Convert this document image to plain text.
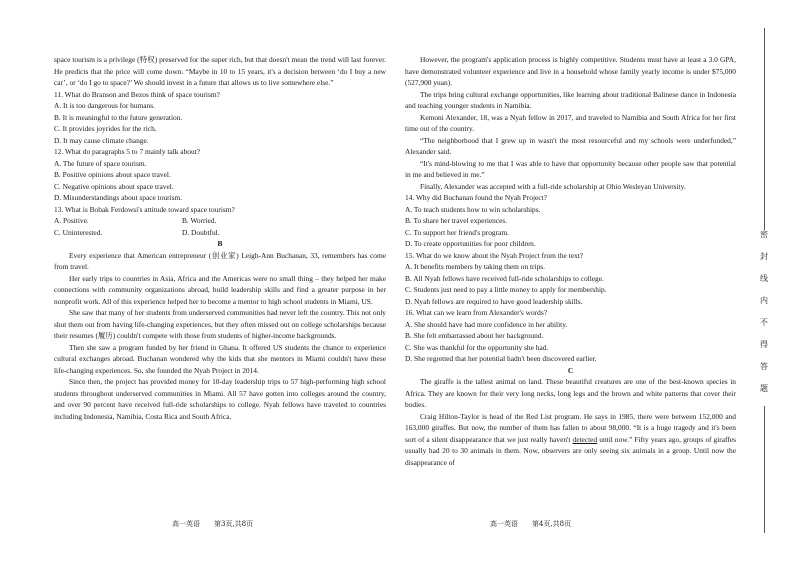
space tourism is a privilege (特权) preserved for the super rich, but that doesn't mean the trend will last forever. He predicts that the price will come down. “Maybe in 10 to 15 years, it's a decision between ‘do I buy a new car’, or ‘do I go to space?’ We should invest in a future that allows us to live somewhere else.”

11. What do Branson and Bezos think of space tourism?

A. It is too dangerous for humans.

B. It is meaningful to the future generation.

C. It provides joyrides for the rich.

D. It may cause climate change.

12. What do paragraphs 5 to 7 mainly talk about?

A. The future of space tourism.

B. Positive opinions about space travel.

C. Negative opinions about space travel.

D. Misunderstandings about space tourism.

13. What is Bobak Ferdowsi's attitude toward space tourism?

A. Positive.	B. Worried.
C. Uninterested.	D. Doubtful.

B

Every experience that American entrepreneur (创业家) Leigh-Ann Buchanan, 33, remembers has come from travel.

Her early trips to countries in Asia, Africa and the Americas were no small thing – they helped her make connections with community organizations abroad, build leadership skills and find a greater purpose in her nonprofit work. All of this experience helped her to become a mentor to high school students in Miami, US.

She saw that many of her students from underserved communities had never left the country. This not only shut them out from having life-changing experiences, but they often missed out on college scholarships because their resumes (履历) couldn't compete with those from students of higher-income backgrounds.

Then she saw a program funded by her friend in Ghana. It offered US students the chance to experience cultural exchanges abroad. Buchanan wondered why the kids that she mentors in Miami couldn't have these life-changing experiences. So, she founded the Nyah Project in 2014.

Since then, the project has provided money for 10-day leadership trips to 57 high-performing high school students throughout underserved communities in Miami. All 57 have gotten into colleges around the country, and over 90 percent have received full-ride scholarships to college. Nyah fellows have traveled to countries including Indonesia, Namibia, Costa Rica and South Africa.

However, the program's application process is highly competitive. Students must have at least a 3.0 GPA, have demonstrated volunteer experience and live in a household whose family yearly income is under $75,000 (527,900 yuan).

The trips bring cultural exchange opportunities, like learning about traditional Balinese dance in Indonesia and teaching younger students in Namibia.

Kemoni Alexander, 18, was a Nyah fellow in 2017, and traveled to Namibia and South Africa for her first time out of the country.

“The neighborhood that I grew up in wasn't the most resourceful and my schools were underfunded,” Alexander said.

“It's mind-blowing to me that I was able to have that opportunity because other people saw that potential in me and believed in me.”

Finally, Alexander was accepted with a full-ride scholarship at Ohio Wesleyan University.

14. Why did Buchanan found the Nyah Project?

A. To teach students how to win scholarships.

B. To share her travel experiences.

C. To support her friend's program.

D. To create opportunities for poor children.

15. What do we know about the Nyah Project from the text?

A. It benefits members by taking them on trips.

B. All Nyah fellows have received full-ride scholarships to college.

C. Students just need to pay a little money to apply for membership.

D. Nyah fellows are required to have good leadership skills.

16. What can we learn from Alexander's words?

A. She should have had more confidence in her ability.

B. She felt embarrassed about her background.

C. She was thankful for the opportunity she had.

D. She regretted that her potential hadn't been discovered earlier.

C

The giraffe is the tallest animal on land. These beautiful creatures are one of the best-known species in Africa. They are known for their very long necks, long legs and the brown and white patterns that cover their bodies.

Craig Hilton-Taylor is head of the Red List program. He says in 1985, there were between 152,000 and 163,000 giraffes. But now, the number of them has fallen to about 98,000. “It is a huge tragedy and it's been sort of a silent disappearance that we just really haven't detected until now.” Fifty years ago, groups of giraffes usually had 20 to 30 animals in them. Now, observers are only seeing six animals in a group. Until now the disappearance of

高一英语 第3页,共8页	高一英语 第4页,共8页
密
封
线
内
不
得
答
题
